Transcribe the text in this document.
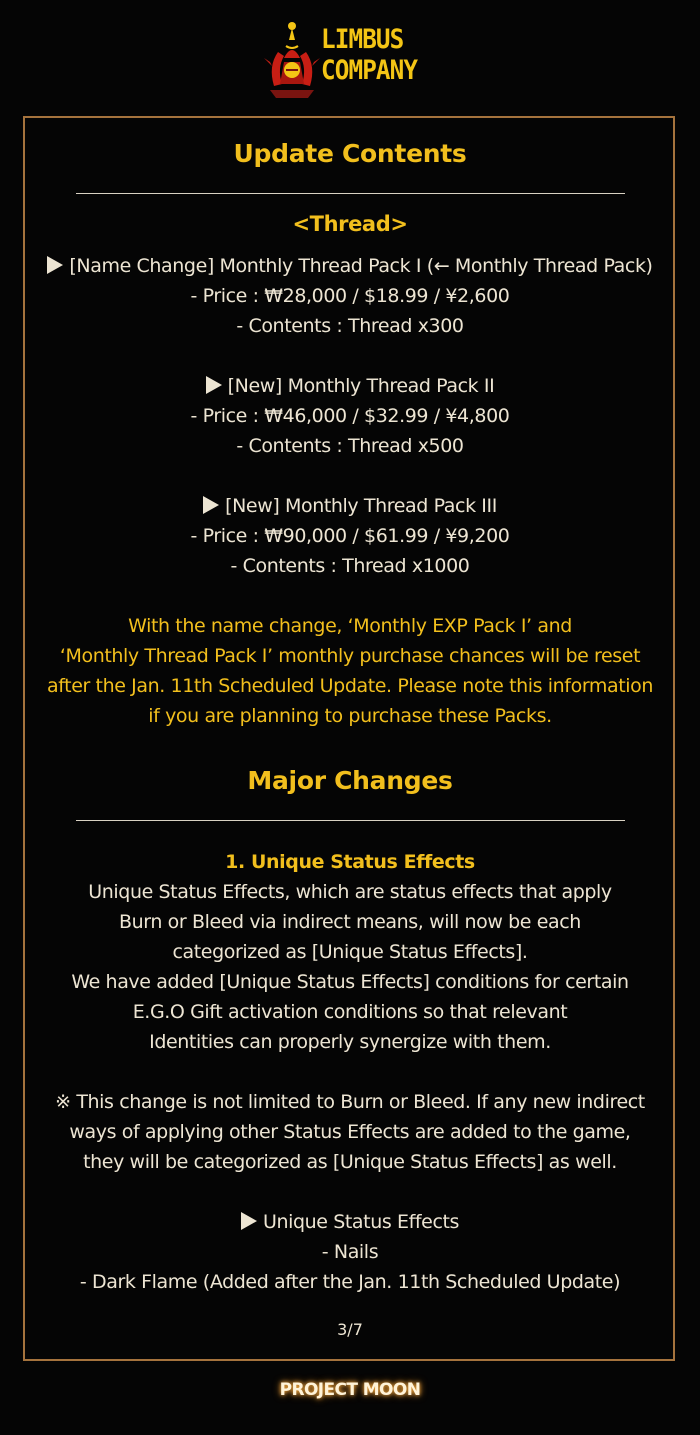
LIMBUS
COMPANY
Update Contents
<Thread>
[Name Change] Monthly Thread Pack I (← Monthly Thread Pack)
- Price : ₩28,000 / $18.99 / ¥2,600
- Contents : Thread x300
[New] Monthly Thread Pack II
- Price : ₩46,000 / $32.99 / ¥4,800
- Contents : Thread x500
[New] Monthly Thread Pack III
- Price : ₩90,000 / $61.99 / ¥9,200
- Contents : Thread x1000
With the name change, ‘Monthly EXP Pack I’ and
‘Monthly Thread Pack I’ monthly purchase chances will be reset
after the Jan. 11th Scheduled Update. Please note this information
if you are planning to purchase these Packs.
Major Changes
1. Unique Status Effects
Unique Status Effects, which are status effects that apply
Burn or Bleed via indirect means, will now be each
categorized as [Unique Status Effects].
We have added [Unique Status Effects] conditions for certain
E.G.O Gift activation conditions so that relevant
Identities can properly synergize with them.
※ This change is not limited to Burn or Bleed. If any new indirect
ways of applying other Status Effects are added to the game,
they will be categorized as [Unique Status Effects] as well.
Unique Status Effects
- Nails
- Dark Flame (Added after the Jan. 11th Scheduled Update)
3/7
PROJECT MOON
